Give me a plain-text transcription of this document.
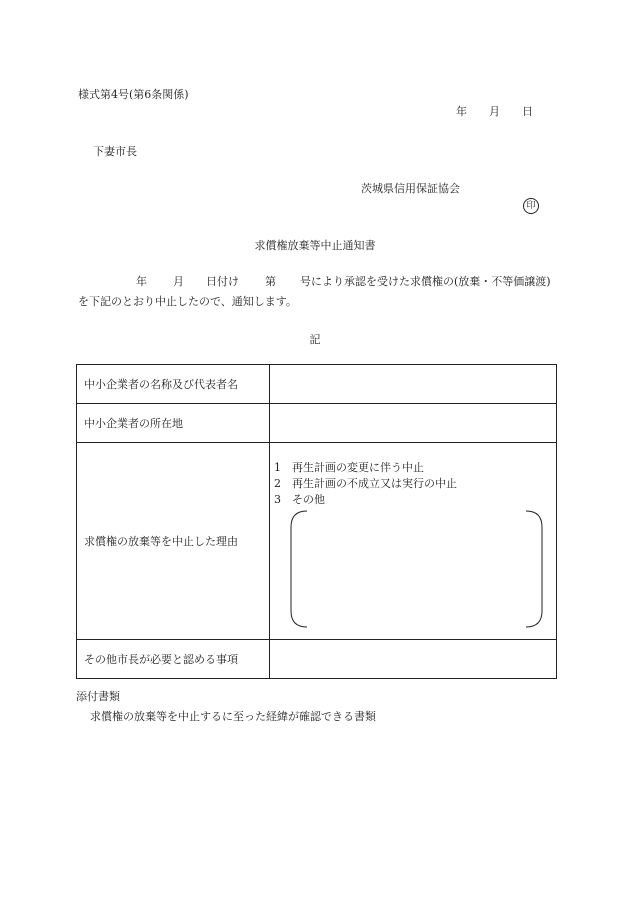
様式第4号(第6条関係)
年 月 日
下妻市長
茨城県信用保証協会
印
求償権放棄等中止通知書
年 月 日付け 第 号により承認を受けた求償権の(放棄・不等価譲渡)を下記のとおり中止したので、通知します。
記
中小企業者の名称及び代表者名	
中小企業者の所在地	
求償権の放棄等を中止した理由	1　再生計画の変更に伴う中止
2　再生計画の不成立又は実行の中止
3　その他

その他市長が必要と認める事項	
添付書類
求償権の放棄等を中止するに至った経緯が確認できる書類
